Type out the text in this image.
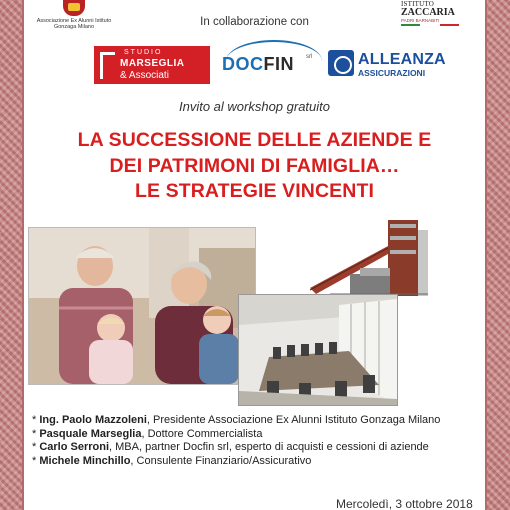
Associazione Ex Alunni Istituto Gonzaga Milano
ISTITUTO
ZACCARIA
PADRI BARNABITI
In collaborazione con
STUDIO
MARSEGLIA
& Associati
DOCFIN srl	ALLEANZA
ASSICURAZIONI
Invito al workshop gratuito
LA SUCCESSIONE DELLE AZIENDE E
DEI PATRIMONI DI FAMIGLIA…
LE STRATEGIE VINCENTI
* Ing. Paolo Mazzoleni, Presidente Associazione Ex Alunni Istituto Gonzaga Milano
* Pasquale Marseglia, Dottore Commercialista
* Carlo Serroni, MBA, partner Docfin srl, esperto di acquisti e cessioni di aziende
* Michele Minchillo, Consulente Finanziario/Assicurativo
Mercoledì, 3 ottobre 2018
